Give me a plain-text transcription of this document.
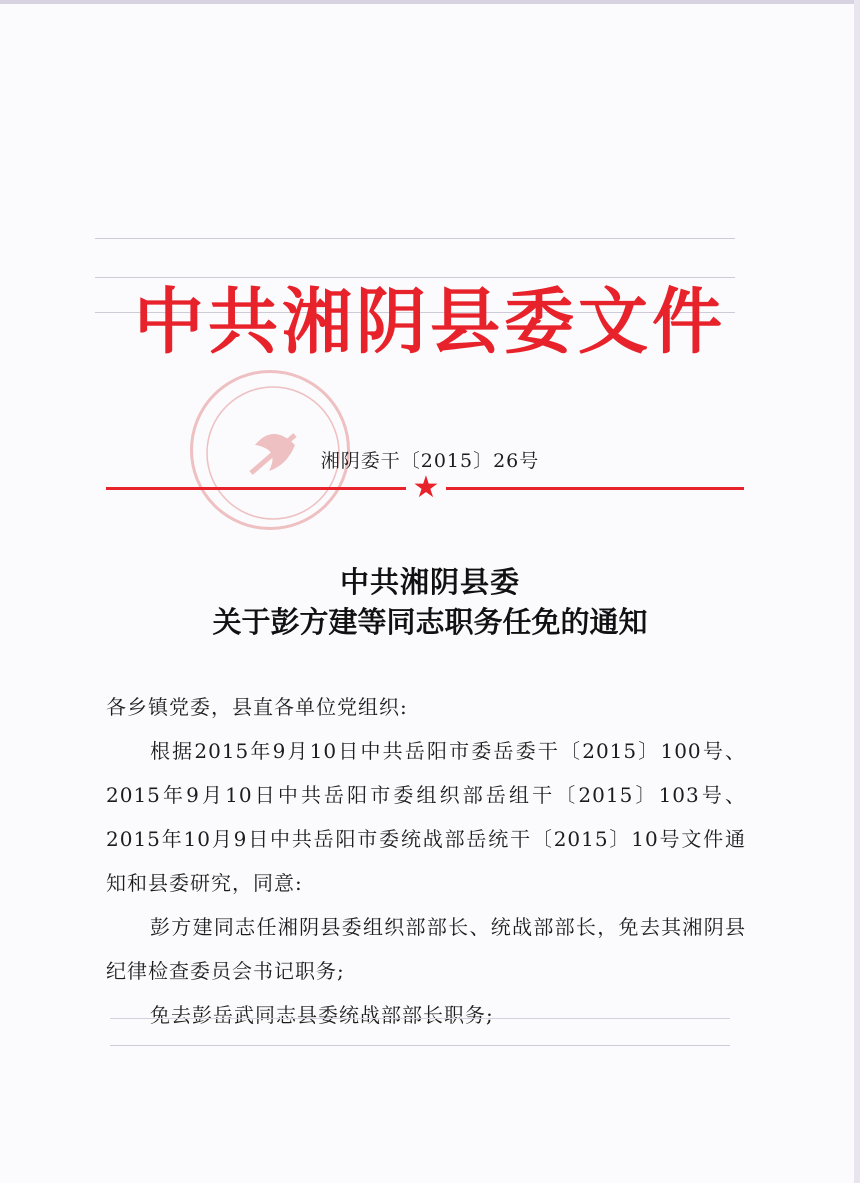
中共湘阴县委文件
湘阴委干〔2015〕26号
★
中共湘阴县委
关于彭方建等同志职务任免的通知

各乡镇党委，县直各单位党组织:

根据2015年9月10日中共岳阳市委岳委干〔2015〕100号、2015年9月10日中共岳阳市委组织部岳组干〔2015〕103号、2015年10月9日中共岳阳市委统战部岳统干〔2015〕10号文件通知和县委研究，同意:

彭方建同志任湘阴县委组织部部长、统战部部长，免去其湘阴县纪律检查委员会书记职务;

免去彭岳武同志县委统战部部长职务;
